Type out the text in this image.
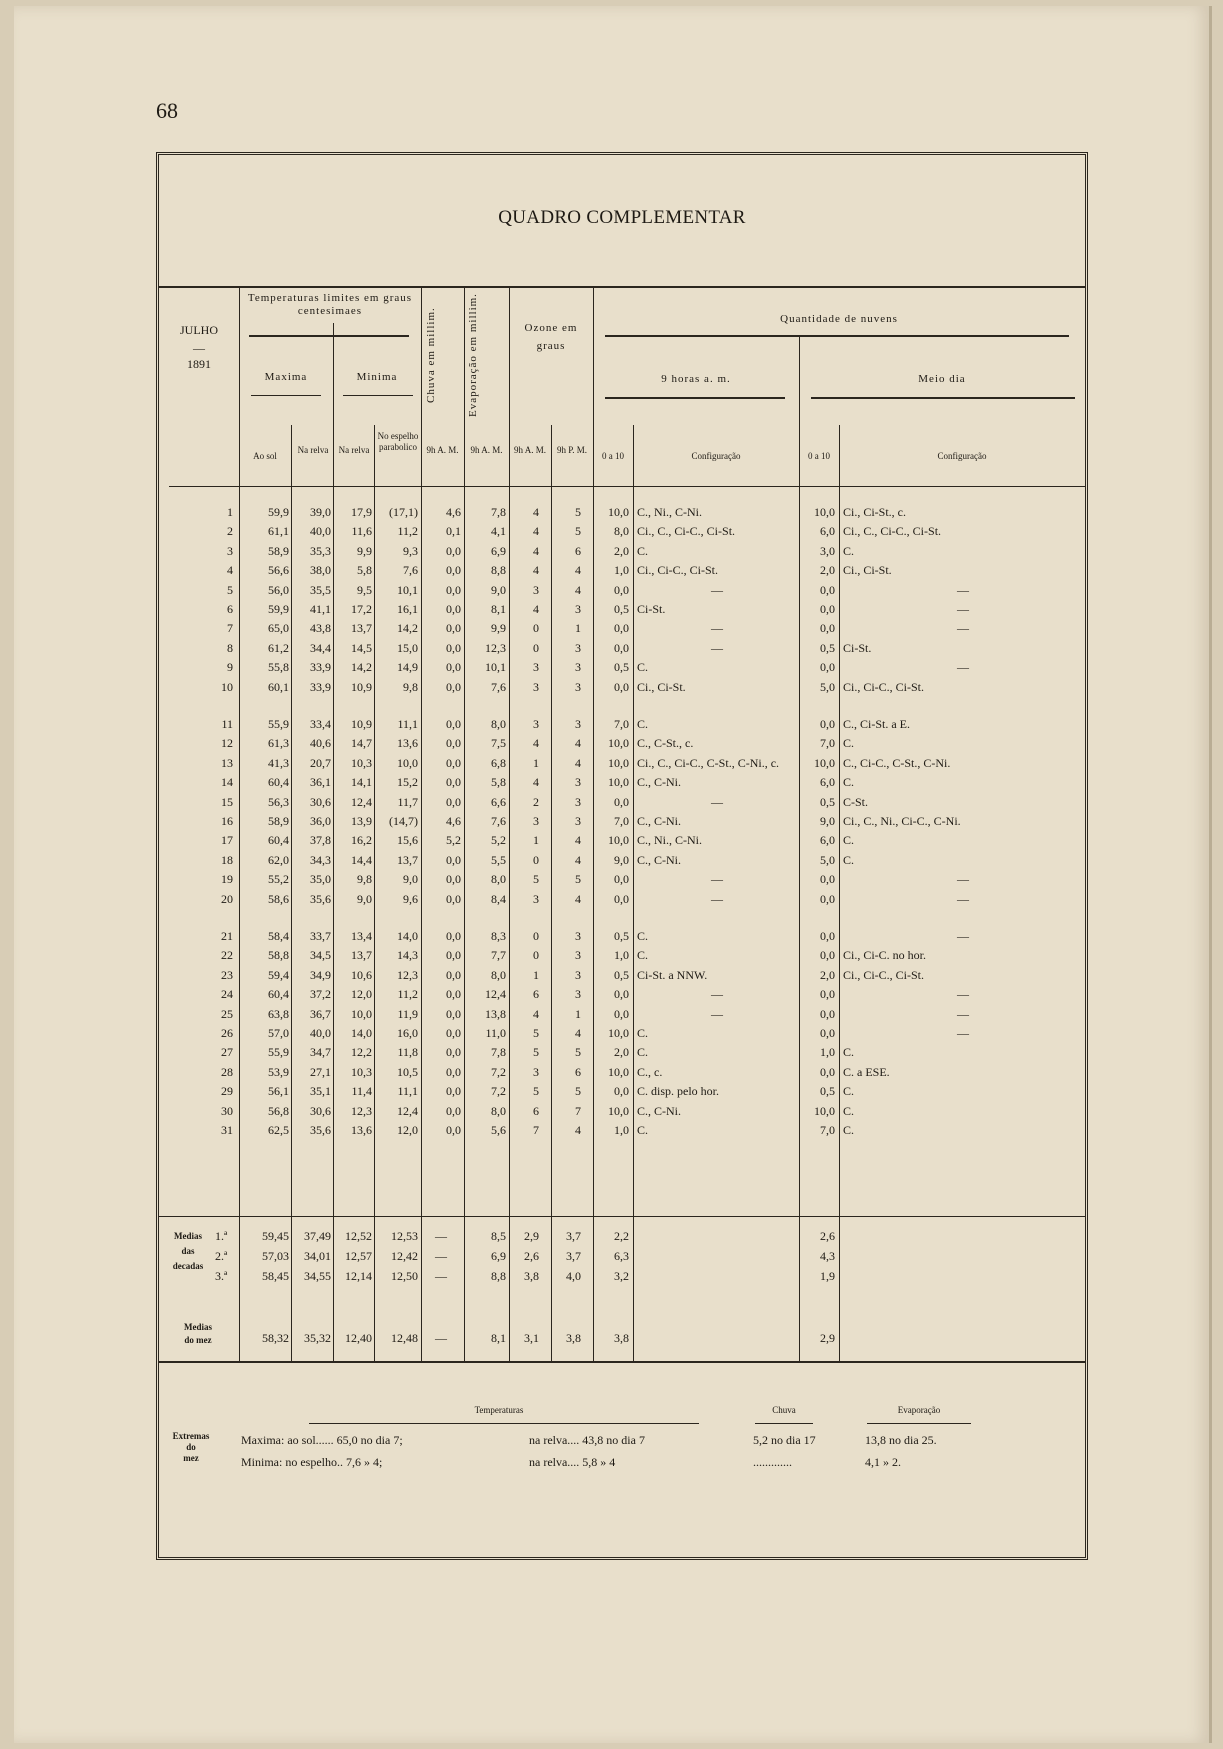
68
QUADRO COMPLEMENTAR
JULHO
—
1891
Temperaturas limites em graus centesimaes
Maxima	Minima
Ao sol
Na relva	Na relva
No espelho parabolico
Chuva em millim.	Evaporação em millim.	Ozone em graus
Quantidade de nuvens
9 horas a. m.	Meio dia
9h A. M.	9h A. M.	9h A. M.	9h P. M.
0 a 10	Configuração	0 a 10	Configuração
1	59,9	39,0	17,9	(17,1)	4,6	7,8	4	5	10,0 C., Ni., C-Ni.	10,0 Ci., Ci-St., c.
2	61,1	40,0	11,6	11,2	0,1	4,1	4	5	8,0 Ci., C., Ci-C., Ci-St.	6,0 Ci., C., Ci-C., Ci-St.
3	58,9	35,3	9,9	9,3	0,0	6,9	4	6	2,0 C.	3,0 C.
4	56,6	38,0	5,8	7,6	0,0	8,8	4	4	1,0 Ci., Ci-C., Ci-St.	2,0 Ci., Ci-St.
5	56,0	35,5	9,5	10,1	0,0	9,0	3	4	0,0	—	0,0	—
6	59,9	41,1	17,2	16,1	0,0	8,1	4	3	0,5 Ci-St.	0,0	—
7	65,0	43,8	13,7	14,2	0,0	9,9	0	1	0,0	—	0,0	—
8	61,2	34,4	14,5	15,0	0,0	12,3	0	3	0,0	—	0,5 Ci-St.
9	55,8	33,9	14,2	14,9	0,0	10,1	3	3	0,5 C.	0,0	—
10	60,1	33,9	10,9	9,8	0,0	7,6	3	3	0,0 Ci., Ci-St.	5,0 Ci., Ci-C., Ci-St.
11	55,9	33,4	10,9	11,1	0,0	8,0	3	3	7,0 C.	0,0 C., Ci-St. a E.
12	61,3	40,6	14,7	13,6	0,0	7,5	4	4	10,0 C., C-St., c.	7,0 C.
13	41,3	20,7	10,3	10,0	0,0	6,8	1	4	10,0 Ci., C., Ci-C., C-St., C-Ni., c.	10,0 C., Ci-C., C-St., C-Ni.
14	60,4	36,1	14,1	15,2	0,0	5,8	4	3	10,0 C., C-Ni.	6,0 C.
15	56,3	30,6	12,4	11,7	0,0	6,6	2	3	0,0	—	0,5 C-St.
16	58,9	36,0	13,9	(14,7)	4,6	7,6	3	3	7,0 C., C-Ni.	9,0 Ci., C., Ni., Ci-C., C-Ni.
17	60,4	37,8	16,2	15,6	5,2	5,2	1	4	10,0 C., Ni., C-Ni.	6,0 C.
18	62,0	34,3	14,4	13,7	0,0	5,5	0	4	9,0 C., C-Ni.	5,0 C.
19	55,2	35,0	9,8	9,0	0,0	8,0	5	5	0,0	—	0,0	—
20	58,6	35,6	9,0	9,6	0,0	8,4	3	4	0,0	—	0,0	—
21	58,4	33,7	13,4	14,0	0,0	8,3	0	3	0,5 C.	0,0	—
22	58,8	34,5	13,7	14,3	0,0	7,7	0	3	1,0 C.	0,0 Ci., Ci-C. no hor.
23	59,4	34,9	10,6	12,3	0,0	8,0	1	3	0,5 Ci-St. a NNW.	2,0 Ci., Ci-C., Ci-St.
24	60,4	37,2	12,0	11,2	0,0	12,4	6	3	0,0	—	0,0	—
25	63,8	36,7	10,0	11,9	0,0	13,8	4	1	0,0	—	0,0	—
26	57,0	40,0	14,0	16,0	0,0	11,0	5	4	10,0 C.	0,0	—
27	55,9	34,7	12,2	11,8	0,0	7,8	5	5	2,0 C.	1,0 C.
28	53,9	27,1	10,3	10,5	0,0	7,2	3	6	10,0 C., c.	0,0 C. a ESE.
29	56,1	35,1	11,4	11,1	0,0	7,2	5	5	0,0 C. disp. pelo hor.	0,5 C.
30	56,8	30,6	12,3	12,4	0,0	8,0	6	7	10,0 C., C-Ni.	10,0 C.
31	62,5	35,6	13,6	12,0	0,0	5,6	7	4	1,0 C.	7,0 C.
Medias
das
decadas
1.ª	59,45	37,49	12,52	12,53	—	8,5	2,9	3,7	2,2	2,6
2.ª	57,03	34,01	12,57	12,42	—	6,9	2,6	3,7	6,3	4,3
3.ª	58,45	34,55	12,14	12,50	—	8,8	3,8	4,0	3,2	1,9
Medias
do mez	58,32	35,32	12,40	12,48	—	8,1	3,1	3,8	3,8	2,9
Extremas
do
mez
Temperaturas	Chuva	Evaporação
Maxima: ao sol...... 65,0 no dia 7;	na relva.... 43,8 no dia 7	5,2 no dia 17	13,8 no dia 25.
Minima: no espelho.. 7,6 » 4;	na relva.... 5,8 » 4	.............	4,1 » 2.
